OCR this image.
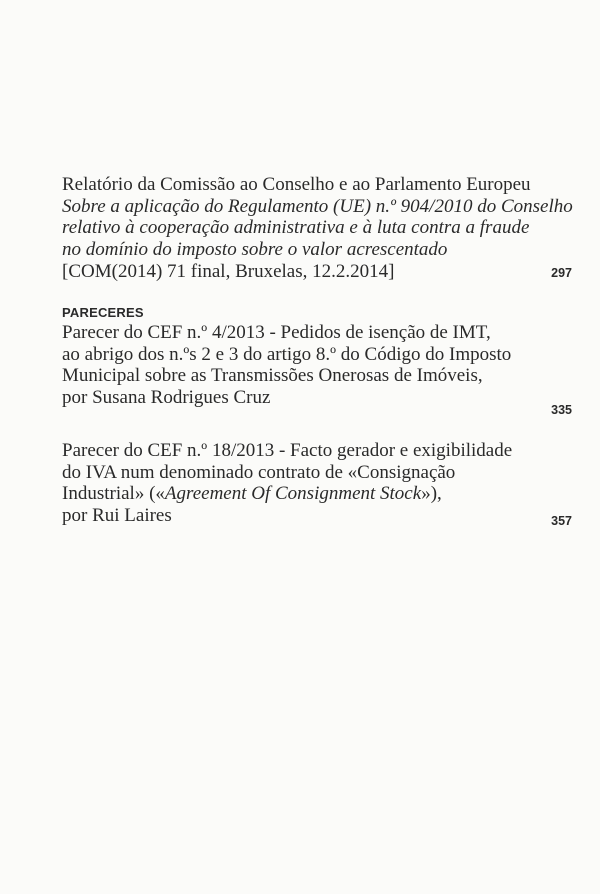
Relatório da Comissão ao Conselho e ao Parlamento Europeu
Sobre a aplicação do Regulamento (UE) n.º 904/2010 do Conselho
relativo à cooperação administrativa e à luta contra a fraude
no domínio do imposto sobre o valor acrescentado
[COM(2014) 71 final, Bruxelas, 12.2.2014]	297
PARECERES
Parecer do CEF n.º 4/2013 - Pedidos de isenção de IMT,
ao abrigo dos n.ºs 2 e 3 do artigo 8.º do Código do Imposto
Municipal sobre as Transmissões Onerosas de Imóveis,
por Susana Rodrigues Cruz
335
Parecer do CEF n.º 18/2013 - Facto gerador e exigibilidade
do IVA num denominado contrato de «Consignação
Industrial» («Agreement Of Consignment Stock»),
por Rui Laires	357
